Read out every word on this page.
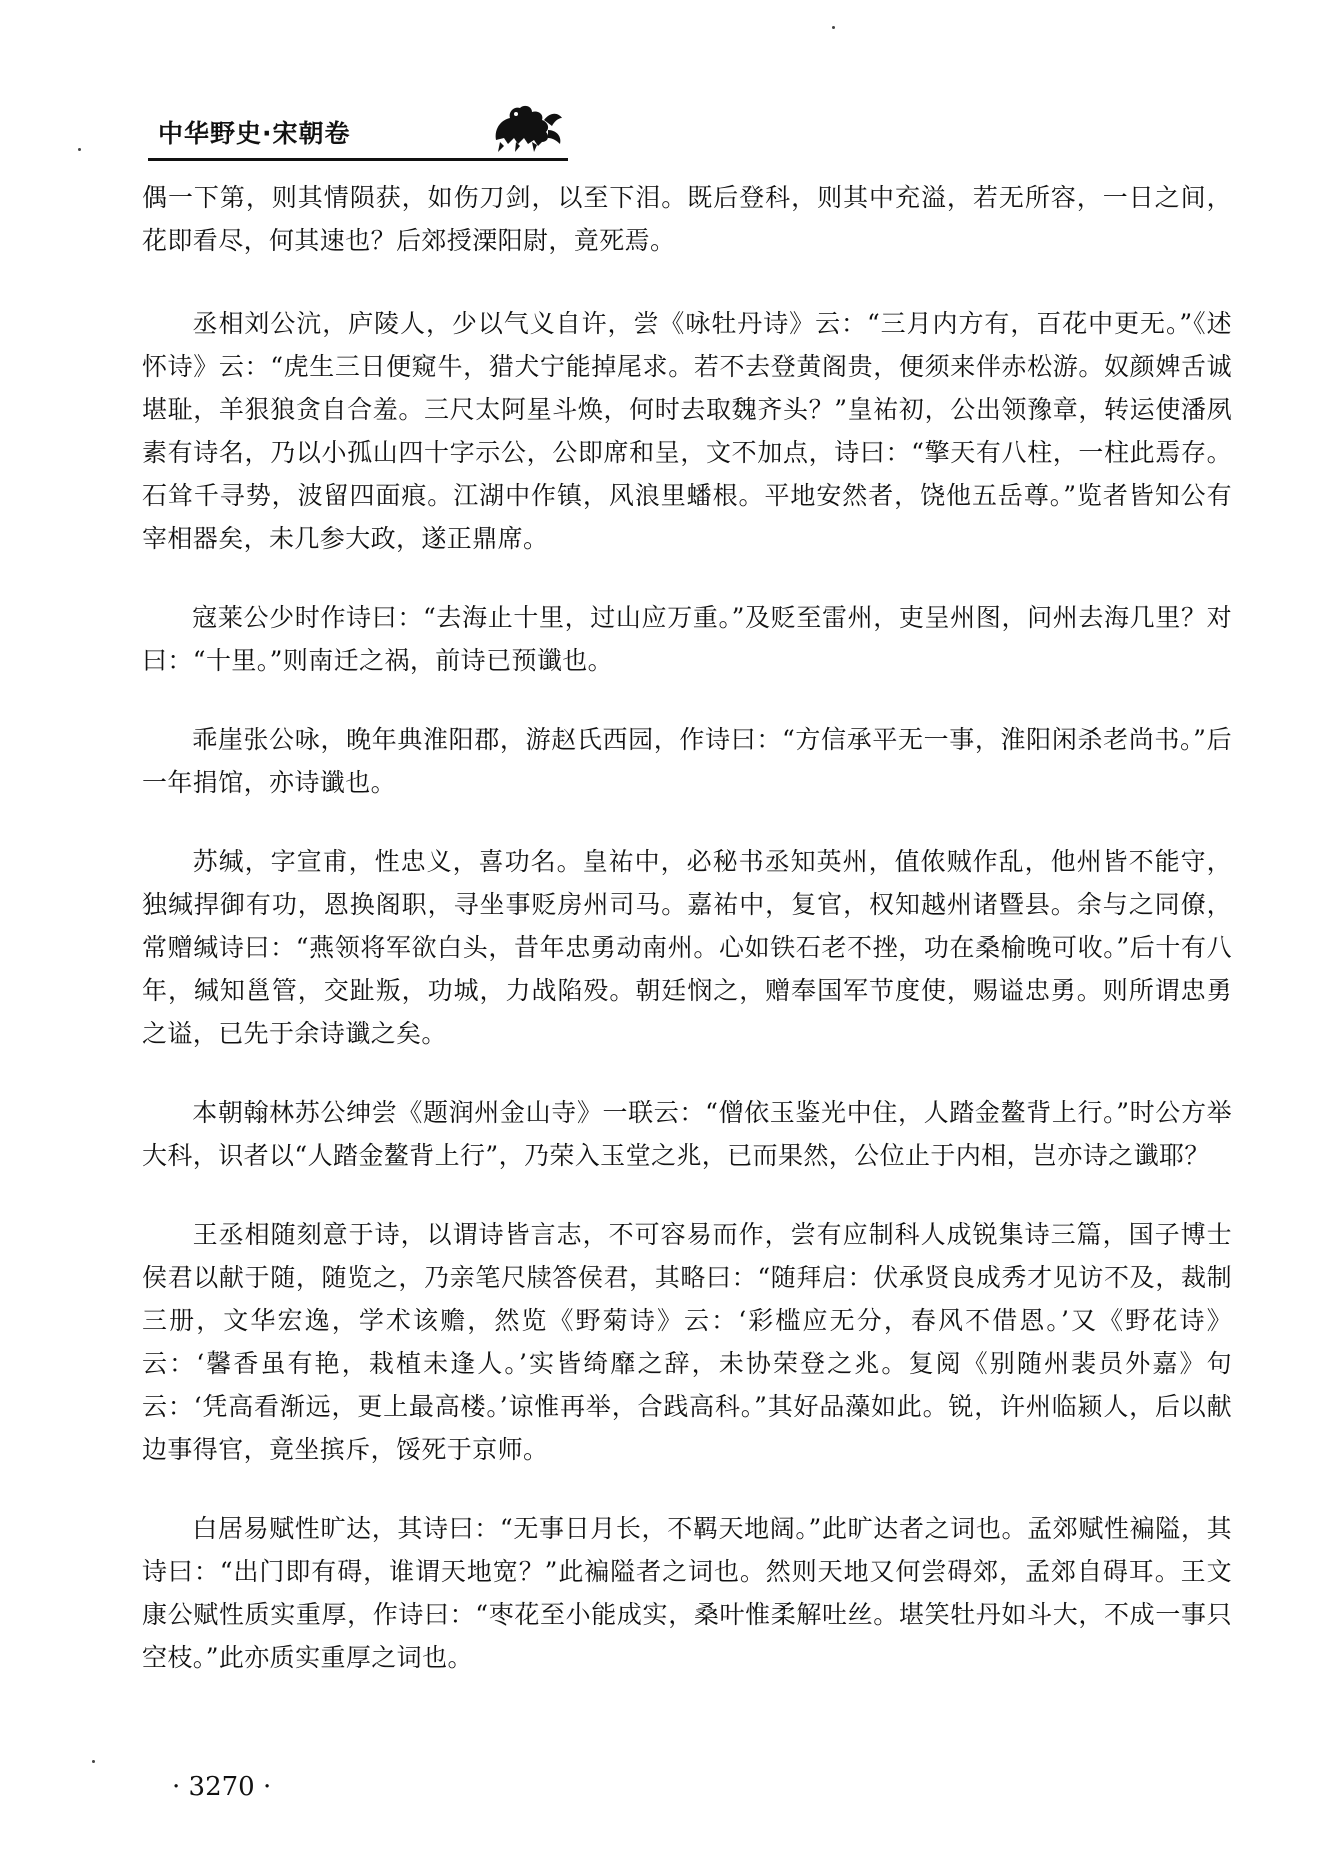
中华野史·宋朝卷

偶一下第，则其情陨获，如伤刀剑，以至下泪。既后登科，则其中充溢，若无所容，一日之间，花即看尽，何其速也？后郊授溧阳尉，竟死焉。

丞相刘公沆，庐陵人，少以气义自许，尝《咏牡丹诗》云：“三月内方有，百花中更无。”《述怀诗》云：“虎生三日便窥牛，猎犬宁能掉尾求。若不去登黄阁贵，便须来伴赤松游。奴颜婢舌诚堪耻，羊狠狼贪自合羞。三尺太阿星斗焕，何时去取魏齐头？”皇祐初，公出领豫章，转运使潘夙素有诗名，乃以小孤山四十字示公，公即席和呈，文不加点，诗曰：“擎天有八柱，一柱此焉存。石耸千寻势，波留四面痕。江湖中作镇，风浪里蟠根。平地安然者，饶他五岳尊。”览者皆知公有宰相器矣，未几参大政，遂正鼎席。

寇莱公少时作诗曰：“去海止十里，过山应万重。”及贬至雷州，吏呈州图，问州去海几里？对曰：“十里。”则南迁之祸，前诗已预谶也。

乖崖张公咏，晚年典淮阳郡，游赵氏西园，作诗曰：“方信承平无一事，淮阳闲杀老尚书。”后一年捐馆，亦诗谶也。

苏缄，字宣甫，性忠义，喜功名。皇祐中，必秘书丞知英州，值侬贼作乱，他州皆不能守，独缄捍御有功，恩换阁职，寻坐事贬房州司马。嘉祐中，复官，权知越州诸暨县。余与之同僚，常赠缄诗曰：“燕领将军欲白头，昔年忠勇动南州。心如铁石老不挫，功在桑榆晚可收。”后十有八年，缄知邕管，交趾叛，功城，力战陷殁。朝廷悯之，赠奉国军节度使，赐谥忠勇。则所谓忠勇之谥，已先于余诗谶之矣。

本朝翰林苏公绅尝《题润州金山寺》一联云：“僧依玉鉴光中住，人踏金鳌背上行。”时公方举大科，识者以“人踏金鳌背上行”，乃荣入玉堂之兆，已而果然，公位止于内相，岂亦诗之谶耶？

王丞相随刻意于诗，以谓诗皆言志，不可容易而作，尝有应制科人成锐集诗三篇，国子博士侯君以献于随，随览之，乃亲笔尺牍答侯君，其略曰：“随拜启：伏承贤良成秀才见访不及，裁制三册，文华宏逸，学术该赡，然览《野菊诗》云：‘彩槛应无分，春风不借恩。’又《野花诗》云：‘馨香虽有艳，栽植未逢人。’实皆绮靡之辞，未协荣登之兆。复阅《别随州裴员外嘉》句云：‘凭高看渐远，更上最高楼。’谅惟再举，合践高科。”其好品藻如此。锐，许州临颍人，后以献边事得官，竟坐摈斥，馁死于京师。

白居易赋性旷达，其诗曰：“无事日月长，不羁天地阔。”此旷达者之词也。孟郊赋性褊隘，其诗曰：“出门即有碍，谁谓天地宽？”此褊隘者之词也。然则天地又何尝碍郊，孟郊自碍耳。王文康公赋性质实重厚，作诗曰：“枣花至小能成实，桑叶惟柔解吐丝。堪笑牡丹如斗大，不成一事只空枝。”此亦质实重厚之词也。

· 3270 ·
